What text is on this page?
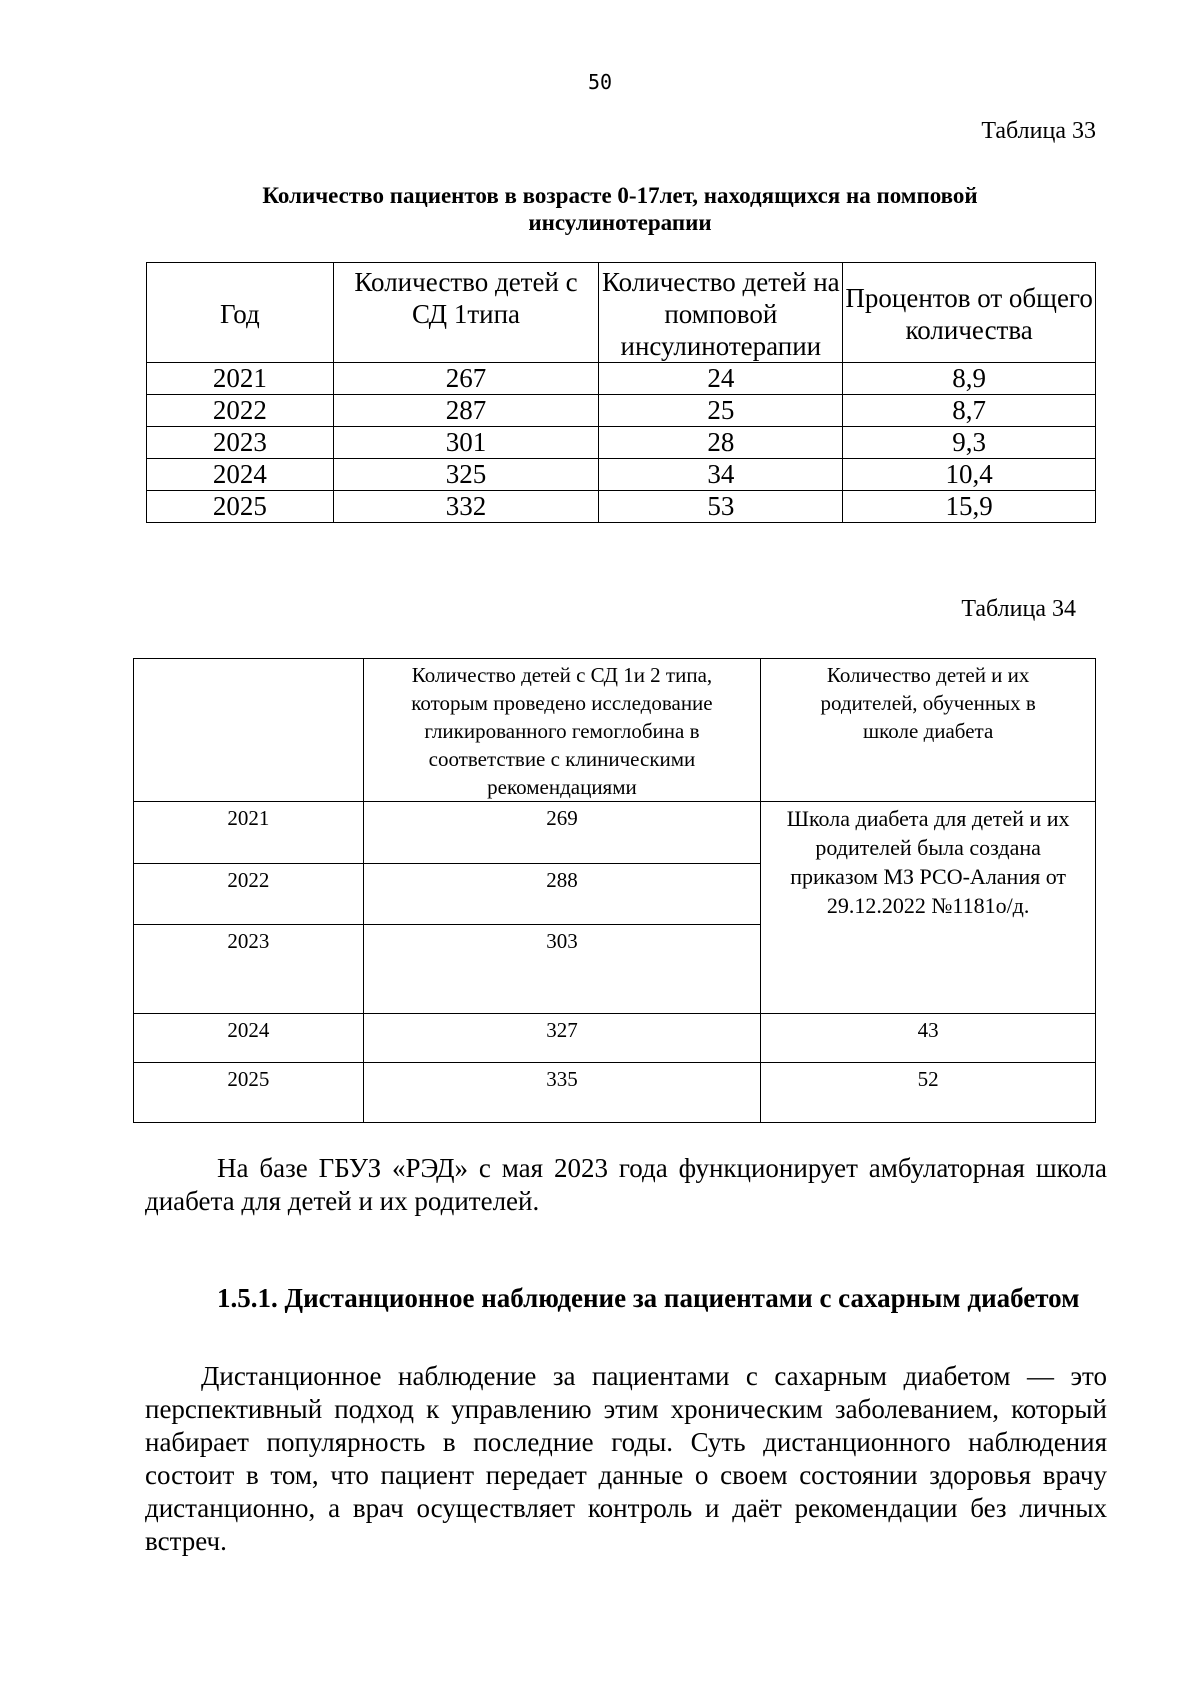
50
Таблица 33
Количество пациентов в возрасте 0-17лет, находящихся на помповой инсулинотерапии
Год	Количество детей с СД 1типа	Количество детей на помповой инсулинотерапии	Процентов от общего количества
2021	267	24	8,9
2022	287	25	8,7
2023	301	28	9,3
2024	325	34	10,4
2025	332	53	15,9
Таблица 34
	Количество детей с СД 1и 2 типа, которым проведено исследование гликированного гемоглобина в соответствие с клиническими рекомендациями	Количество детей и их родителей, обученных в школе диабета
2021	269	Школа диабета для детей и их родителей была создана приказом МЗ РСО-Алания от 29.12.2022 №1181о/д.
2022	288	
2023	303	
2024	327	43
2025	335	52

На базе ГБУЗ «РЭД» с мая 2023 года функционирует амбулаторная школа диабета для детей и их родителей.

1.5.1. Дистанционное наблюдение за пациентами с сахарным диабетом

Дистанционное наблюдение за пациентами с сахарным диабетом — это перспективный подход к управлению этим хроническим заболеванием, который набирает популярность в последние годы. Суть дистанционного наблюдения состоит в том, что пациент передает данные о своем состоянии здоровья врачу дистанционно, а врач осуществляет контроль и даёт рекомендации без личных встреч.
